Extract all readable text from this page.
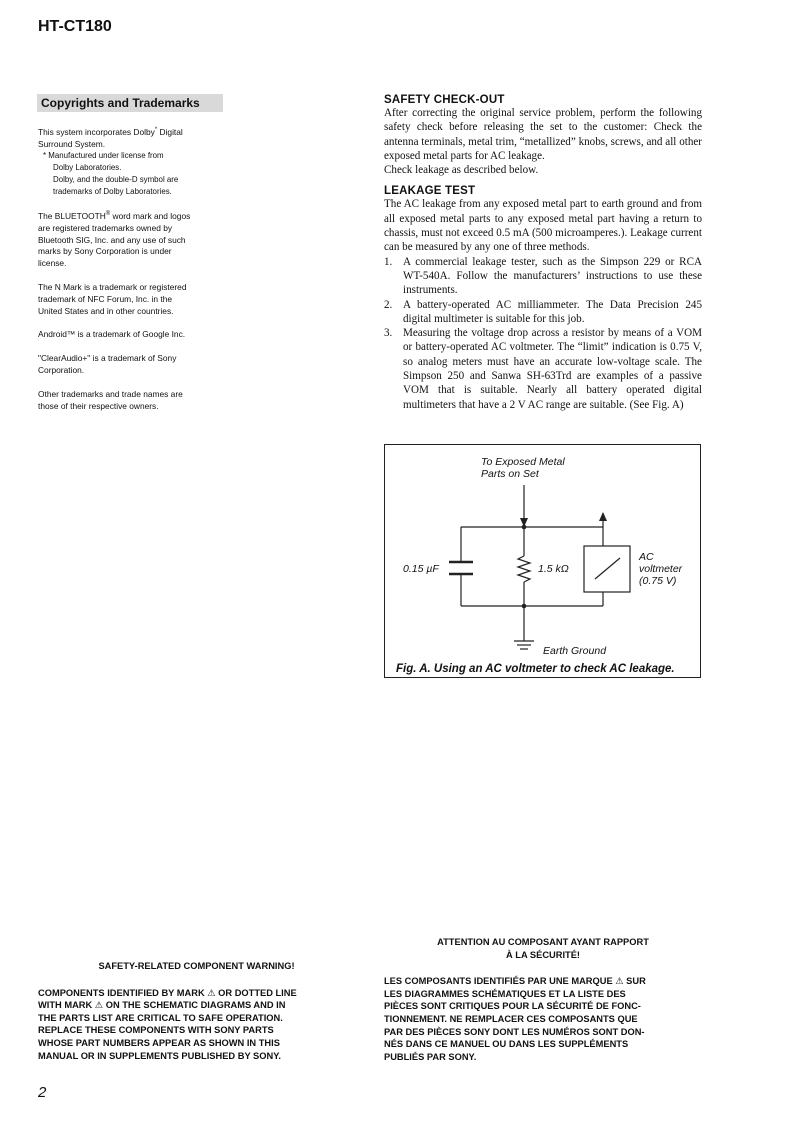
HT-CT180
Copyrights and Trademarks
This system incorporates Dolby* Digital
Surround System.
* Manufactured under license from
Dolby Laboratories.
Dolby, and the double-D symbol are
trademarks of Dolby Laboratories.
The BLUETOOTH® word mark and logos
are registered trademarks owned by
Bluetooth SIG, Inc. and any use of such
marks by Sony Corporation is under
license.
The N Mark is a trademark or registered
trademark of NFC Forum, Inc. in the
United States and in other countries.
Android™ is a trademark of Google Inc.
"ClearAudio+" is a trademark of Sony
Corporation.
Other trademarks and trade names are
those of their respective owners.
SAFETY CHECK-OUT

After correcting the original service problem, perform the following safety check before releasing the set to the customer: Check the antenna terminals, metal trim, “metallized” knobs, screws, and all other exposed metal parts for AC leakage.

Check leakage as described below.

LEAKAGE TEST

The AC leakage from any exposed metal part to earth ground and from all exposed metal parts to any exposed metal part having a return to chassis, must not exceed 0.5 mA (500 microamperes.). Leakage current can be measured by any one of three methods.

1. A commercial leakage tester, such as the Simpson 229 or RCA WT-540A. Follow the manufacturers’ instructions to use these instruments.
2. A battery-operated AC milliammeter. The Data Precision 245 digital multimeter is suitable for this job.
3. Measuring the voltage drop across a resistor by means of a VOM or battery-operated AC voltmeter. The “limit” indication is 0.75 V, so analog meters must have an accurate low-voltage scale. The Simpson 250 and Sanwa SH-63Trd are examples of a passive VOM that is suitable. Nearly all battery operated digital multimeters that have a 2 V AC range are suitable. (See Fig. A)
To Exposed Metal
Parts on Set
0.15 µF	1.5 kΩ
AC
voltmeter
(0.75 V)
Earth Ground
Fig. A. Using an AC voltmeter to check AC leakage.
SAFETY-RELATED COMPONENT WARNING!
COMPONENTS IDENTIFIED BY MARK ⚠ OR DOTTED LINE
WITH MARK ⚠ ON THE SCHEMATIC DIAGRAMS AND IN
THE PARTS LIST ARE CRITICAL TO SAFE OPERATION.
REPLACE THESE COMPONENTS WITH SONY PARTS
WHOSE PART NUMBERS APPEAR AS SHOWN IN THIS
MANUAL OR IN SUPPLEMENTS PUBLISHED BY SONY.
ATTENTION AU COMPOSANT AYANT RAPPORT
À LA SÉCURITÉ!
LES COMPOSANTS IDENTIFIÉS PAR UNE MARQUE ⚠ SUR
LES DIAGRAMMES SCHÉMATIQUES ET LA LISTE DES
PIÈCES SONT CRITIQUES POUR LA SÉCURITÉ DE FONC-
TIONNEMENT. NE REMPLACER CES COMPOSANTS QUE
PAR DES PIÈCES SONY DONT LES NUMÉROS SONT DON-
NÉS DANS CE MANUEL OU DANS LES SUPPLÉMENTS
PUBLIÉS PAR SONY.
2
